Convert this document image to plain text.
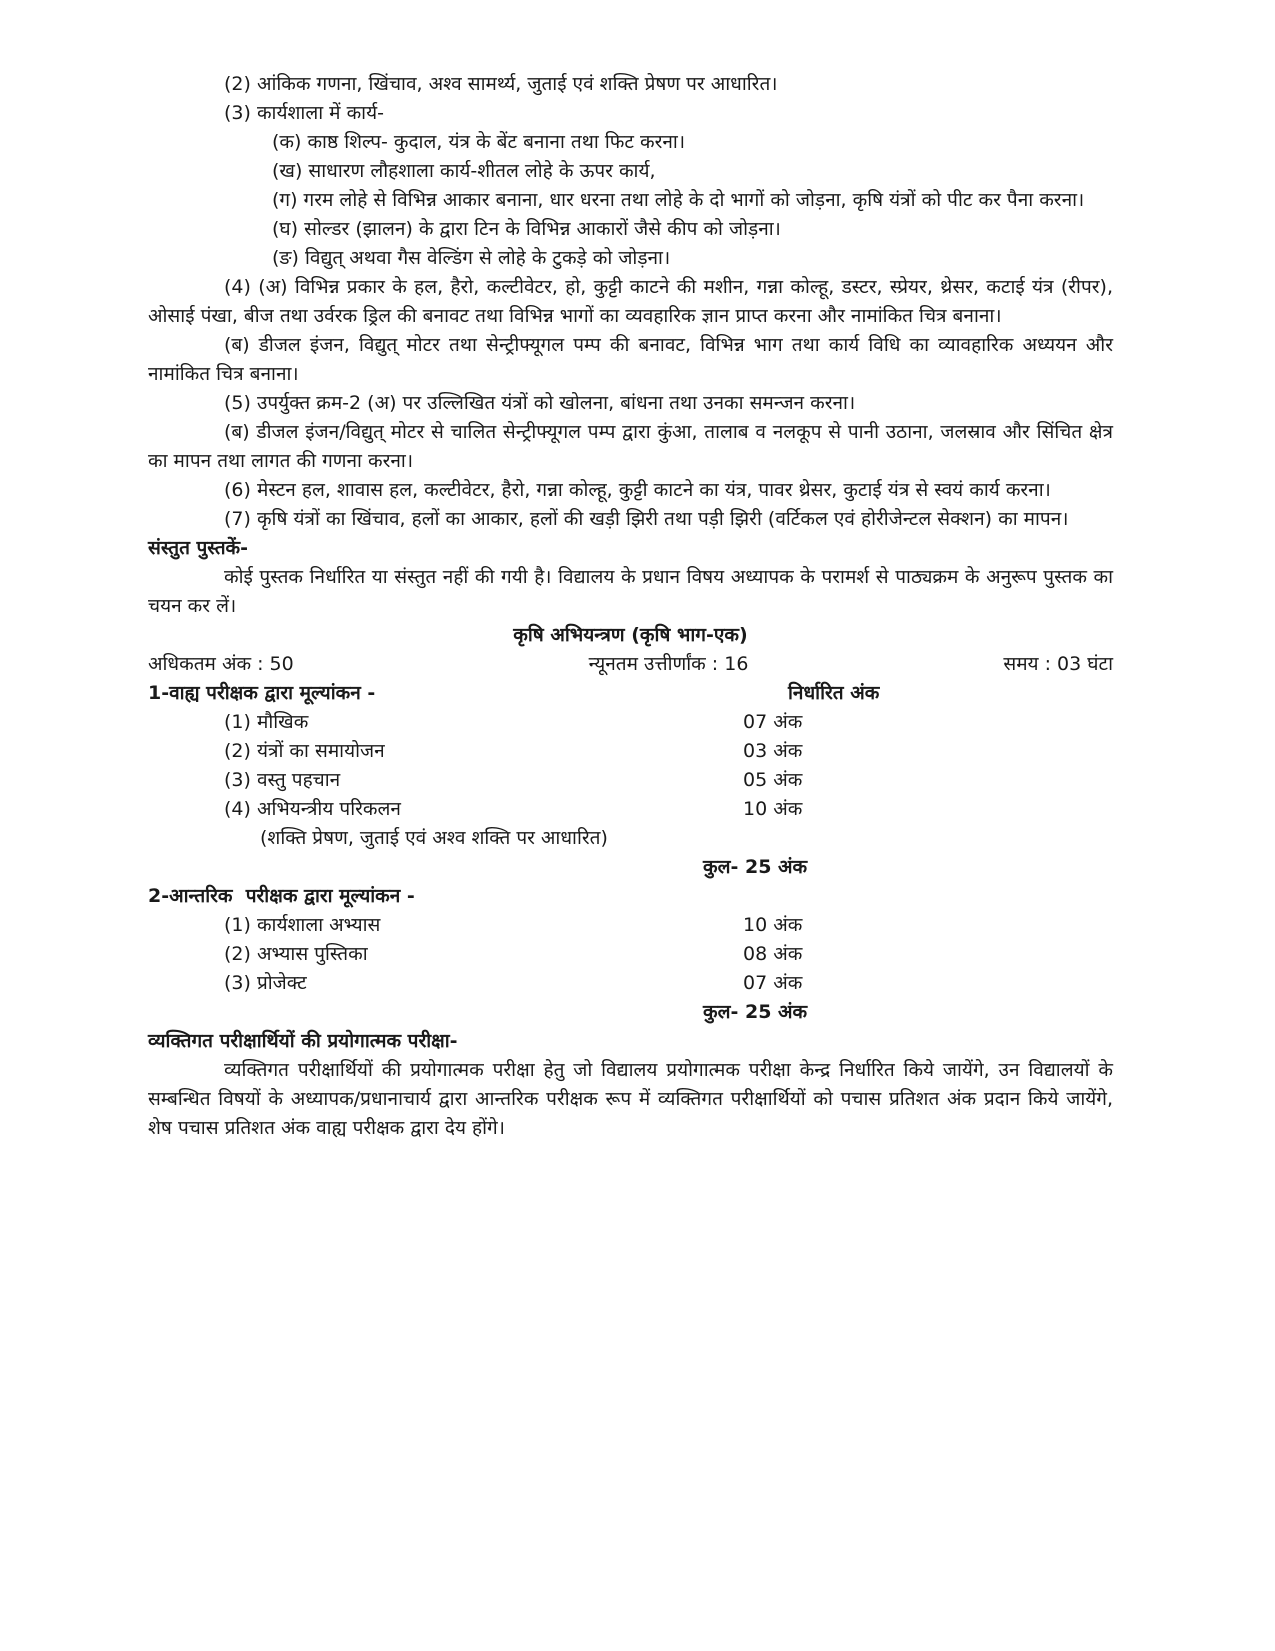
(2) आंकिक गणना, खिंचाव, अश्व सामर्थ्य, जुताई एवं शक्ति प्रेषण पर आधारित।

(3) कार्यशाला में कार्य-

(क) काष्ठ शिल्प- कुदाल, यंत्र के बेंट बनाना तथा फिट करना।

(ख) साधारण लौहशाला कार्य-शीतल लोहे के ऊपर कार्य,

(ग) गरम लोहे से विभिन्न आकार बनाना, धार धरना तथा लोहे के दो भागों को जोड़ना, कृषि यंत्रों को पीट कर पैना करना।

(घ) सोल्डर (झालन) के द्वारा टिन के विभिन्न आकारों जैसे कीप को जोड़ना।

(ङ) विद्युत् अथवा गैस वेल्डिंग से लोहे के टुकड़े को जोड़ना।

(4) (अ) विभिन्न प्रकार के हल, हैरो, कल्टीवेटर, हो, कुट्टी काटने की मशीन, गन्ना कोल्हू, डस्टर, स्प्रेयर, थ्रेसर, कटाई यंत्र (रीपर), ओसाई पंखा, बीज तथा उर्वरक ड्रिल की बनावट तथा विभिन्न भागों का व्यवहारिक ज्ञान प्राप्त करना और नामांकित चित्र बनाना।

(ब) डीजल इंजन, विद्युत् मोटर तथा सेन्ट्रीफ्यूगल पम्प की बनावट, विभिन्न भाग तथा कार्य विधि का व्यावहारिक अध्ययन और नामांकित चित्र बनाना।

(5) उपर्युक्त क्रम-2 (अ) पर उल्लिखित यंत्रों को खोलना, बांधना तथा उनका समन्जन करना।

(ब) डीजल इंजन/विद्युत् मोटर से चालित सेन्ट्रीफ्यूगल पम्प द्वारा कुंआ, तालाब व नलकूप से पानी उठाना, जलस्राव और सिंचित क्षेत्र का मापन तथा लागत की गणना करना।

(6) मेस्टन हल, शावास हल, कल्टीवेटर, हैरो, गन्ना कोल्हू, कुट्टी काटने का यंत्र, पावर थ्रेसर, कुटाई यंत्र से स्वयं कार्य करना।

(7) कृषि यंत्रों का खिंचाव, हलों का आकार, हलों की खड़ी झिरी तथा पड़ी झिरी (वर्टिकल एवं होरीजेन्टल सेक्शन) का मापन।

संस्तुत पुस्तकें-

कोई पुस्तक निर्धारित या संस्तुत नहीं की गयी है। विद्यालय के प्रधान विषय अध्यापक के परामर्श से पाठ्यक्रम के अनुरूप पुस्तक का चयन कर लें।

कृषि अभियन्त्रण (कृषि भाग-एक)

अधिकतम अंक : 50	न्यूनतम उत्तीर्णांक : 16	समय : 03 घंटा
1-वाह्य परीक्षक द्वारा मूल्यांकन -	निर्धारित अंक
(1) मौखिक	07 अंक
(2) यंत्रों का समायोजन	03 अंक
(3) वस्तु पहचान	05 अंक
(4) अभियन्त्रीय परिकलन	10 अंक
(शक्ति प्रेषण, जुताई एवं अश्व शक्ति पर आधारित)
कुल- 25 अंक
2-आन्तरिक  परीक्षक द्वारा मूल्यांकन -
(1) कार्यशाला अभ्यास	10 अंक
(2) अभ्यास पुस्तिका	08 अंक
(3) प्रोजेक्ट	07 अंक
कुल- 25 अंक

व्यक्तिगत परीक्षार्थियों की प्रयोगात्मक परीक्षा-

व्यक्तिगत परीक्षार्थियों की प्रयोगात्मक परीक्षा हेतु जो विद्यालय प्रयोगात्मक परीक्षा केन्द्र निर्धारित किये जायेंगे, उन विद्यालयों के सम्बन्धित विषयों के अध्यापक/प्रधानाचार्य द्वारा आन्तरिक परीक्षक रूप में व्यक्तिगत परीक्षार्थियों को पचास प्रतिशत अंक प्रदान किये जायेंगे, शेष पचास प्रतिशत अंक वाह्य परीक्षक द्वारा देय होंगे।
